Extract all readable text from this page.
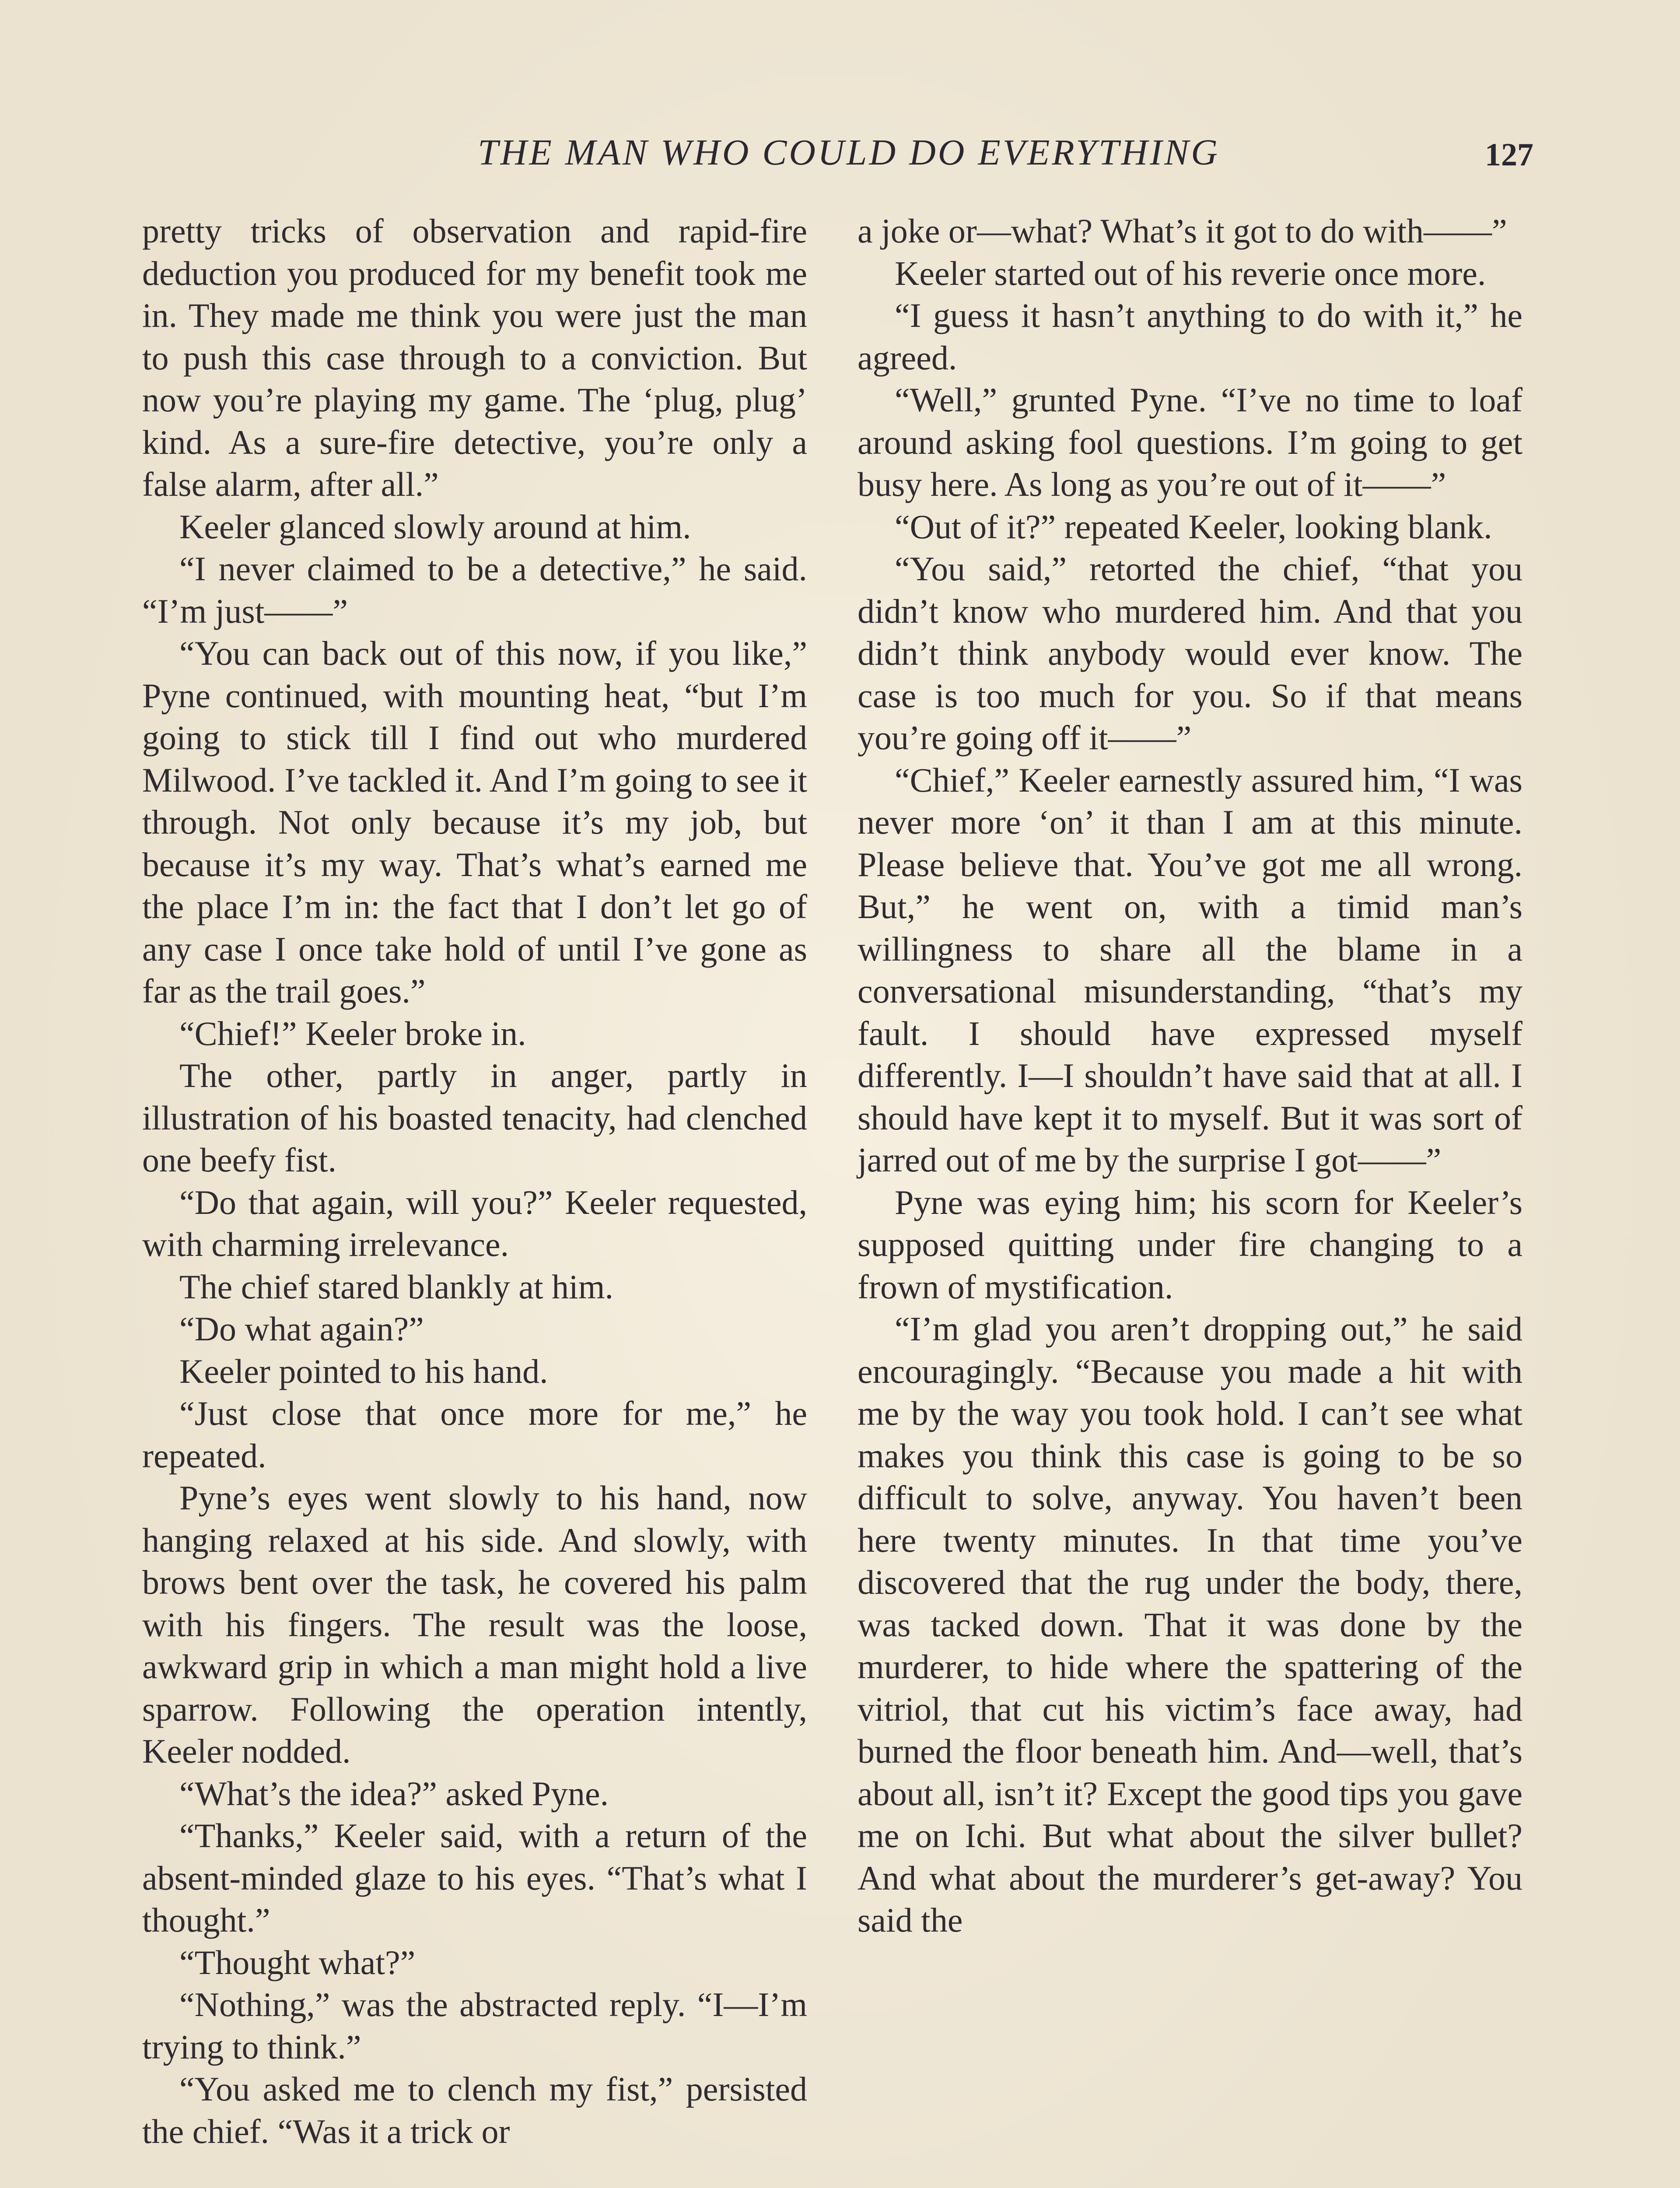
THE MAN WHO COULD DO EVERYTHING	127

pretty tricks of observation and rapid-fire deduction you produced for my benefit took me in. They made me think you were just the man to push this case through to a conviction. But now you’re playing my game. The ‘plug, plug’ kind. As a sure-fire detective, you’re only a false alarm, after all.”

Keeler glanced slowly around at him.

“I never claimed to be a detective,” he said. “I’m just——”

“You can back out of this now, if you like,” Pyne continued, with mounting heat, “but I’m going to stick till I find out who murdered Milwood. I’ve tackled it. And I’m going to see it through. Not only because it’s my job, but because it’s my way. That’s what’s earned me the place I’m in: the fact that I don’t let go of any case I once take hold of until I’ve gone as far as the trail goes.”

“Chief!” Keeler broke in.

The other, partly in anger, partly in illustration of his boasted tenacity, had clenched one beefy fist.

“Do that again, will you?” Keeler requested, with charming irrelevance.

The chief stared blankly at him.

“Do what again?”

Keeler pointed to his hand.

“Just close that once more for me,” he repeated.

Pyne’s eyes went slowly to his hand, now hanging relaxed at his side. And slowly, with brows bent over the task, he covered his palm with his fingers. The result was the loose, awkward grip in which a man might hold a live sparrow. Following the operation intently, Keeler nodded.

“What’s the idea?” asked Pyne.

“Thanks,” Keeler said, with a return of the absent-minded glaze to his eyes. “That’s what I thought.”

“Thought what?”

“Nothing,” was the abstracted reply. “I—I’m trying to think.”

“You asked me to clench my fist,” persisted the chief. “Was it a trick or

a joke or—what? What’s it got to do with——”

Keeler started out of his reverie once more.

“I guess it hasn’t anything to do with it,” he agreed.

“Well,” grunted Pyne. “I’ve no time to loaf around asking fool questions. I’m going to get busy here. As long as you’re out of it——”

“Out of it?” repeated Keeler, looking blank.

“You said,” retorted the chief, “that you didn’t know who murdered him. And that you didn’t think anybody would ever know. The case is too much for you. So if that means you’re going off it——”

“Chief,” Keeler earnestly assured him, “I was never more ‘on’ it than I am at this minute. Please believe that. You’ve got me all wrong. But,” he went on, with a timid man’s willingness to share all the blame in a conversational misunderstanding, “that’s my fault. I should have expressed myself differently. I—I shouldn’t have said that at all. I should have kept it to myself. But it was sort of jarred out of me by the surprise I got——”

Pyne was eying him; his scorn for Keeler’s supposed quitting under fire changing to a frown of mystification.

“I’m glad you aren’t dropping out,” he said encouragingly. “Because you made a hit with me by the way you took hold. I can’t see what makes you think this case is going to be so difficult to solve, anyway. You haven’t been here twenty minutes. In that time you’ve discovered that the rug under the body, there, was tacked down. That it was done by the murderer, to hide where the spattering of the vitriol, that cut his victim’s face away, had burned the floor beneath him. And—well, that’s about all, isn’t it? Except the good tips you gave me on Ichi. But what about the silver bullet? And what about the murderer’s get-away? You said the
